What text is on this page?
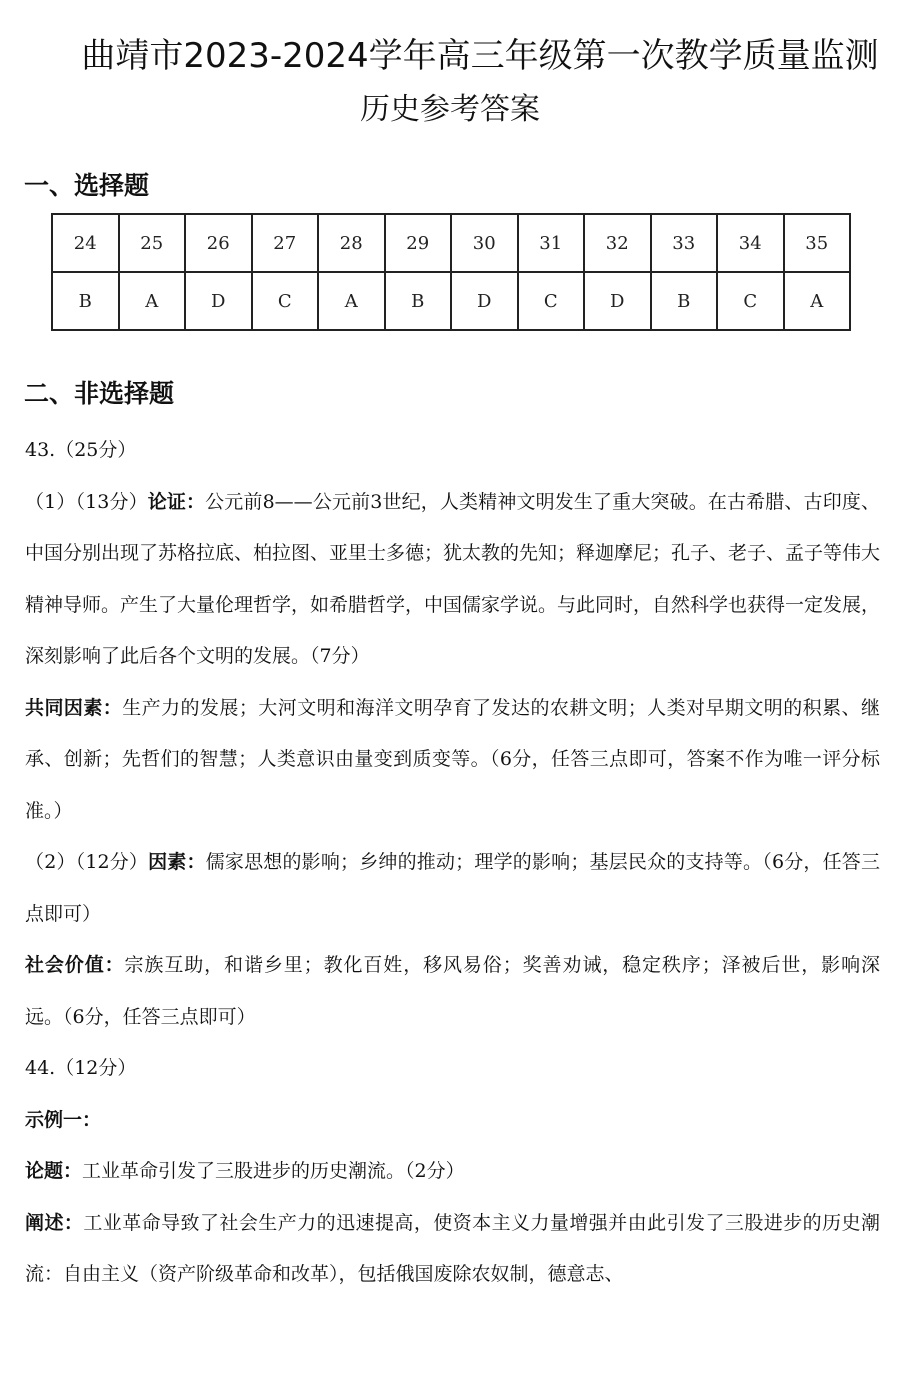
曲靖市2023-2024学年高三年级第一次教学质量监测
历史参考答案
一、选择题
24	25	26	27	28	29	30	31	32	33	34	35
B	A	D	C	A	B	D	C	D	B	C	A
二、非选择题

43.（25分）

（1）（13分）论证：公元前8——公元前3世纪，人类精神文明发生了重大突破。在古希腊、古印度、中国分别出现了苏格拉底、柏拉图、亚里士多德；犹太教的先知；释迦摩尼；孔子、老子、孟子等伟大精神导师。产生了大量伦理哲学，如希腊哲学，中国儒家学说。与此同时，自然科学也获得一定发展，深刻影响了此后各个文明的发展。（7分）

共同因素：生产力的发展；大河文明和海洋文明孕育了发达的农耕文明；人类对早期文明的积累、继承、创新；先哲们的智慧；人类意识由量变到质变等。（6分，任答三点即可，答案不作为唯一评分标准。）

（2）（12分）因素：儒家思想的影响；乡绅的推动；理学的影响；基层民众的支持等。（6分，任答三点即可）

社会价值：宗族互助，和谐乡里；教化百姓，移风易俗；奖善劝诫，稳定秩序；泽被后世，影响深远。（6分，任答三点即可）

44.（12分）

示例一：

论题：工业革命引发了三股进步的历史潮流。（2分）

阐述：工业革命导致了社会生产力的迅速提高，使资本主义力量增强并由此引发了三股进步的历史潮流：自由主义（资产阶级革命和改革），包括俄国废除农奴制，德意志、
